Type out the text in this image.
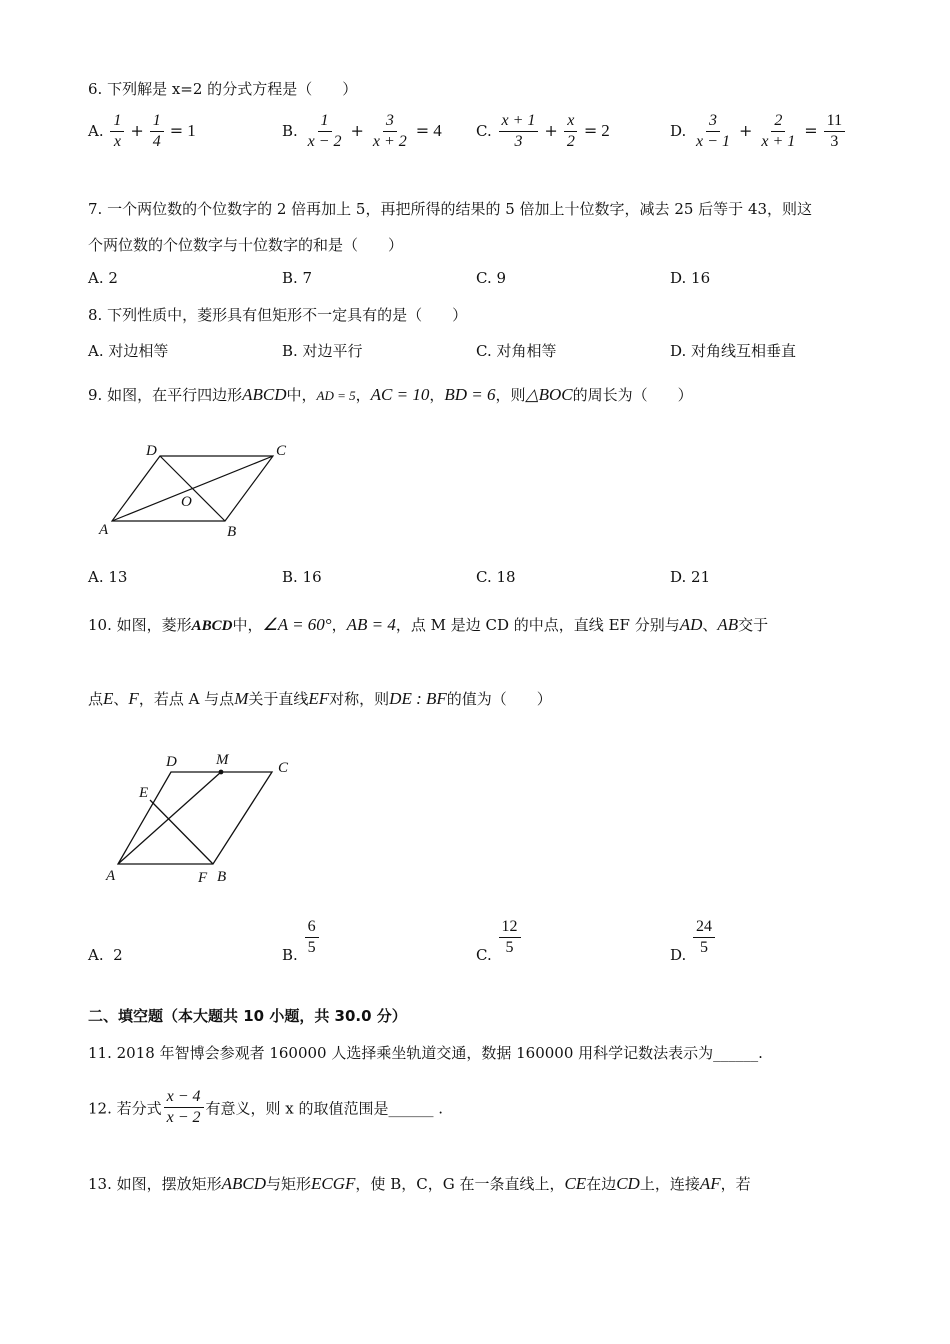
6. 下列解是 x=2 的分式方程是（　　）
A. $\frac{1}{x} + \frac{1}{4} = 1$	B. $\frac{1}{x - 2} + \frac{3}{x + 2} = 4$ C. $\frac{x + 1}{3} + \frac{x}{2} = 2$	D. $\frac{3}{x - 1} + \frac{2}{x + 1} = \frac{11}{3}$
7. 一个两位数的个位数字的 2 倍再加上 5，再把所得的结果的 5 倍加上十位数字，减去 25 后等于 43，则这
个两位数的个位数字与十位数字的和是（　　）
A. 2	B. 7	C. 9	D. 16
8. 下列性质中，菱形具有但矩形不一定具有的是（　　）
A. 对边相等	B. 对边平行	C. 对角相等	D. 对角线互相垂直
9. 如图，在平行四边形ABCD中，AD = 5，AC = 10，BD = 6，则△BOC的周长为（　　）
A	B
C
D
O
A	B
C
D
E
F
M
A. 13	B. 16	C. 18	D. 21
10. 如图，菱形ABCD中，∠A = 60°，AB = 4，点 M 是边 CD 的中点，直线 EF 分别与AD、AB交于
点E、F，若点 A 与点M关于直线EF对称，则DE : BF的值为（　　）
A. 2	B. $\frac{6}{5}$	C. $\frac{12}{5}$	D. $\frac{24}{5}$
二、填空题（本大题共 10 小题，共 30.0 分）
11. 2018 年智博会参观者 160000 人选择乘坐轨道交通，数据 160000 用科学记数法表示为______.
12. 若分式 $\frac{x - 4}{x - 2}$ 有意义，则 x 的取值范围是______ .
13. 如图，摆放矩形ABCD与矩形ECGF，使 B，C，G 在一条直线上，CE在边CD上，连接AF，若
